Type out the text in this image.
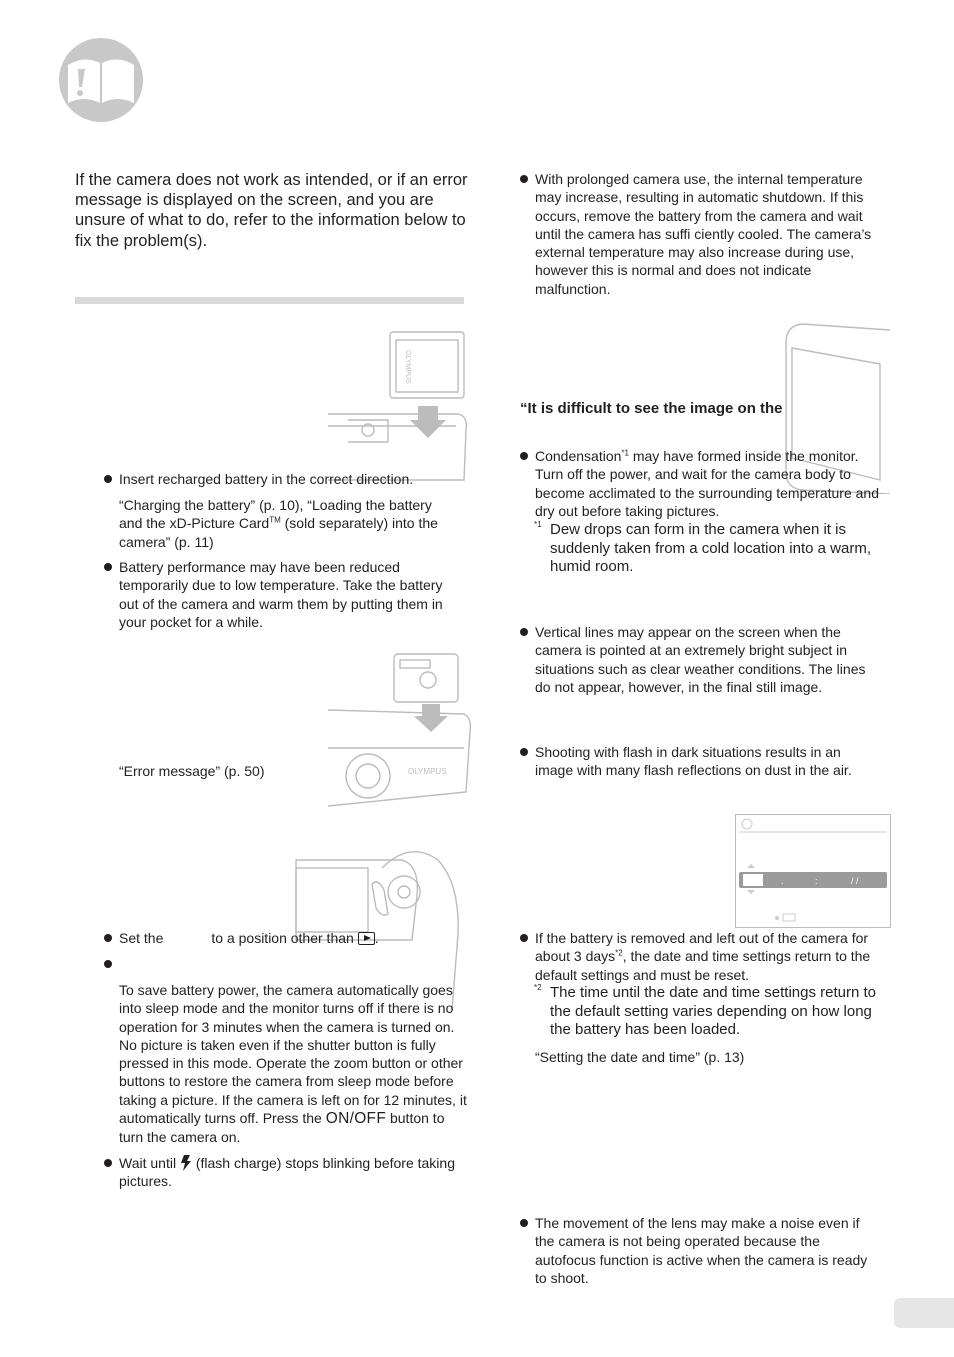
If the camera does not work as intended, or if an error message is displayed on the screen, and you are unsure of what to do, refer to the information below to fix the problem(s).
OLYMPUS
Insert recharged battery in the correct direction.
“Charging the battery” (p. 10), “Loading the battery
and the xD-Picture Card™ (sold separately) into the
camera” (p. 11)
Battery performance may have been reduced temporarily due to low temperature. Take the battery out of the camera and warm them by putting them in your pocket for a while.
OLYMPUS
“Error message” (p. 50)
Set the	to a position other than .
To save battery power, the camera automatically goes into sleep mode and the monitor turns off if there is no operation for 3 minutes when the camera is turned on. No picture is taken even if the shutter button is fully pressed in this mode. Operate the zoom button or other buttons to restore the camera from sleep mode before taking a picture. If the camera is left on for 12 minutes, it automatically turns off. Press the ON/OFF button to turn the camera on.
Wait until (flash charge) stops blinking before taking pictures.
With prolonged camera use, the internal temperature may increase, resulting in automatic shutdown. If this occurs, remove the battery from the camera and wait until the camera has suffi ciently cooled. The camera’s external temperature may also increase during use, however this is normal and does not indicate malfunction.
“It is difficult to see the image on the
Condensation$^{*1}$ may have formed inside the monitor. Turn off the power, and wait for the camera body to become acclimated to the surrounding temperature and dry out before taking pictures.
*1 Dew drops can form in the camera when it is suddenly taken from a cold location into a warm, humid room.
Vertical lines may appear on the screen when the camera is pointed at an extremely bright subject in situations such as clear weather conditions. The lines do not appear, however, in the final still image.
Shooting with flash in dark situations results in an image with many flash reflections on dust in the air.
.	:	/ /
If the battery is removed and left out of the camera for about 3 days$^{*2}$, the date and time settings return to the default settings and must be reset.
*2 The time until the date and time settings return to the default setting varies depending on how long the battery has been loaded.
“Setting the date and time” (p. 13)
The movement of the lens may make a noise even if the camera is not being operated because the autofocus function is active when the camera is ready to shoot.
